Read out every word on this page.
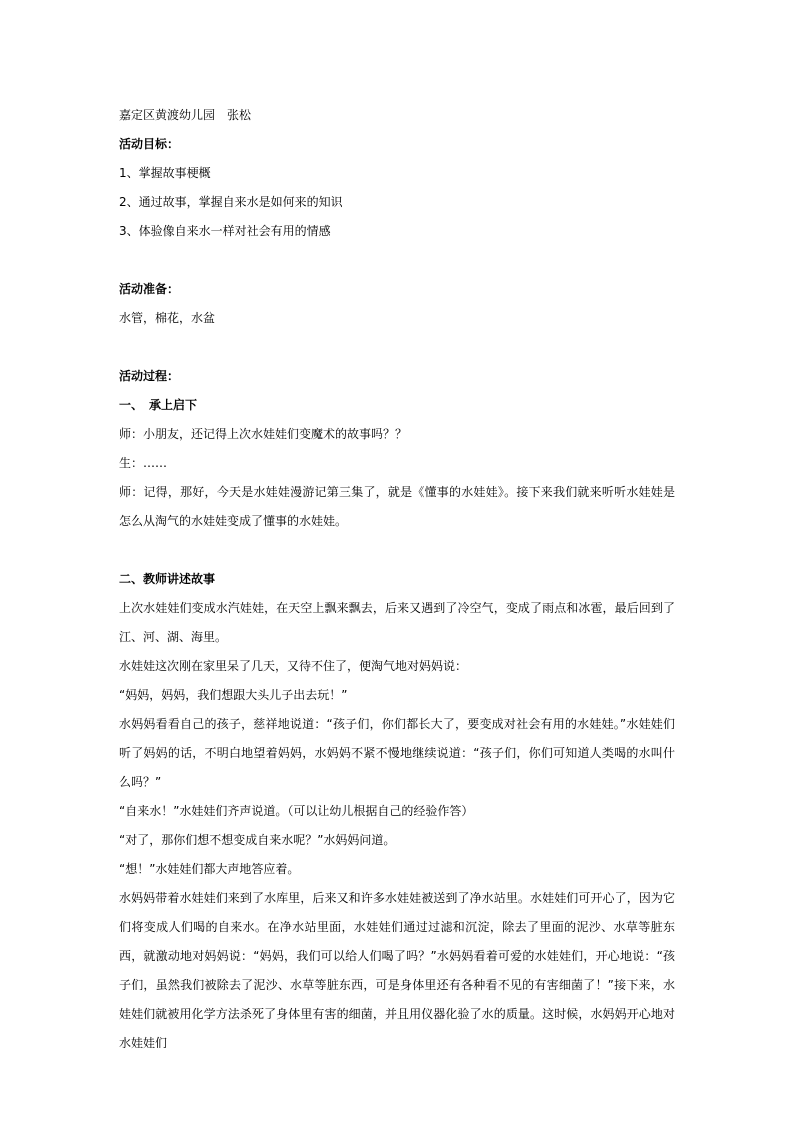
嘉定区黄渡幼儿园　张松
活动目标：
1、掌握故事梗概
2、通过故事，掌握自来水是如何来的知识
3、体验像自来水一样对社会有用的情感
活动准备：
水管，棉花，水盆
活动过程：
一、 承上启下
师：小朋友，还记得上次水娃娃们变魔术的故事吗？？
生：……
师：记得，那好，今天是水娃娃漫游记第三集了，就是《懂事的水娃娃》。接下来我们就来听听水娃娃是怎么从淘气的水娃娃变成了懂事的水娃娃。
二、教师讲述故事
上次水娃娃们变成水汽娃娃，在天空上飘来飘去，后来又遇到了冷空气，变成了雨点和冰雹，最后回到了江、河、湖、海里。
水娃娃这次刚在家里呆了几天，又待不住了，便淘气地对妈妈说：
“妈妈，妈妈，我们想跟大头儿子出去玩！”
水妈妈看看自己的孩子，慈祥地说道：“孩子们，你们都长大了，要变成对社会有用的水娃娃。”水娃娃们听了妈妈的话，不明白地望着妈妈，水妈妈不紧不慢地继续说道：“孩子们，你们可知道人类喝的水叫什么吗？”
“自来水！”水娃娃们齐声说道。（可以让幼儿根据自己的经验作答）
“对了，那你们想不想变成自来水呢？”水妈妈问道。
“想！”水娃娃们都大声地答应着。
水妈妈带着水娃娃们来到了水库里，后来又和许多水娃娃被送到了净水站里。水娃娃们可开心了，因为它们将变成人们喝的自来水。在净水站里面，水娃娃们通过过滤和沉淀，除去了里面的泥沙、水草等脏东西，就激动地对妈妈说：“妈妈，我们可以给人们喝了吗？”水妈妈看着可爱的水娃娃们，开心地说：“孩子们，虽然我们被除去了泥沙、水草等脏东西，可是身体里还有各种看不见的有害细菌了！”接下来，水娃娃们就被用化学方法杀死了身体里有害的细菌，并且用仪器化验了水的质量。这时候，水妈妈开心地对水娃娃们
